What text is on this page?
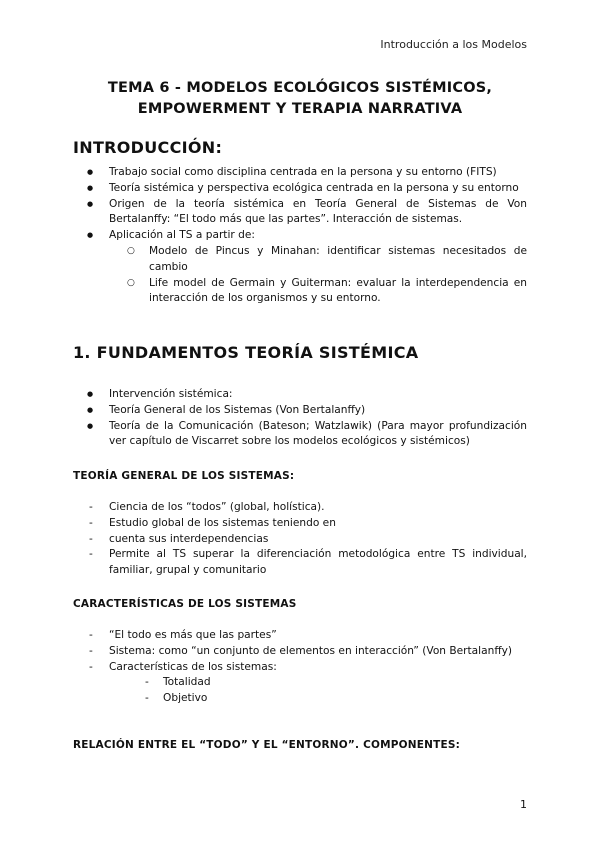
Introducción a los Modelos
TEMA 6 - MODELOS ECOLÓGICOS SISTÉMICOS,
EMPOWERMENT Y TERAPIA NARRATIVA
INTRODUCCIÓN:
● Trabajo social como disciplina centrada en la persona y su entorno (FITS)
● Teoría sistémica y perspectiva ecológica centrada en la persona y su entorno
● Origen de la teoría sistémica en Teoría General de Sistemas de Von Bertalanffy: “El todo más que las partes”. Interacción de sistemas.
● Aplicación al TS a partir de:
○ Modelo de Pincus y Minahan: identificar sistemas necesitados de cambio
○ Life model de Germain y Guiterman: evaluar la interdependencia en interacción de los organismos y su entorno.
1. FUNDAMENTOS TEORÍA SISTÉMICA
● Intervención sistémica:
● Teoría General de los Sistemas (Von Bertalanffy)
● Teoría de la Comunicación (Bateson; Watzlawik) (Para mayor profundización ver capítulo de Viscarret sobre los modelos ecológicos y sistémicos)
TEORÍA GENERAL DE LOS SISTEMAS:
- Ciencia de los “todos” (global, holística).
- Estudio global de los sistemas teniendo en
- cuenta sus interdependencias
- Permite al TS superar la diferenciación metodológica entre TS individual, familiar, grupal y comunitario
CARACTERÍSTICAS DE LOS SISTEMAS
- “El todo es más que las partes”
- Sistema: como “un conjunto de elementos en interacción” (Von Bertalanffy)
- Características de los sistemas:
- Totalidad
- Objetivo
RELACIÓN ENTRE EL “TODO” Y EL “ENTORNO”. COMPONENTES:
1
